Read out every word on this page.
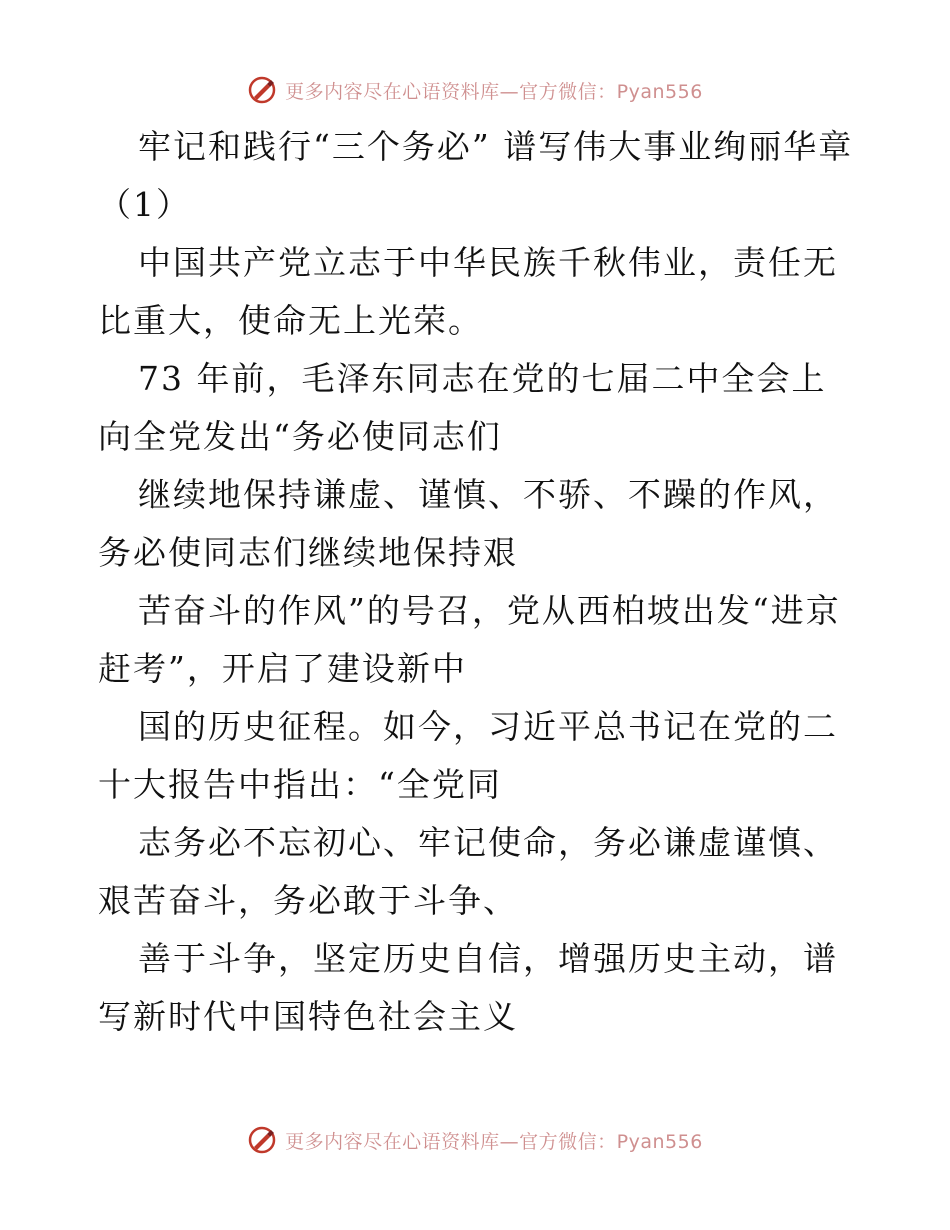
更多内容尽在心语资料库—官方微信：Pyan556

牢记和践行“三个务必” 谱写伟大事业绚丽华章（1）

中国共产党立志于中华民族千秋伟业，责任无比重大，使命无上光荣。

73 年前，毛泽东同志在党的七届二中全会上向全党发出“务必使同志们

继续地保持谦虚、谨慎、不骄、不躁的作风，务必使同志们继续地保持艰

苦奋斗的作风”的号召，党从西柏坡出发“进京赶考”，开启了建设新中

国的历史征程。如今，习近平总书记在党的二十大报告中指出：“全党同

志务必不忘初心、牢记使命，务必谦虚谨慎、艰苦奋斗，务必敢于斗争、

善于斗争，坚定历史自信，增强历史主动，谱写新时代中国特色社会主义

更多内容尽在心语资料库—官方微信：Pyan556
